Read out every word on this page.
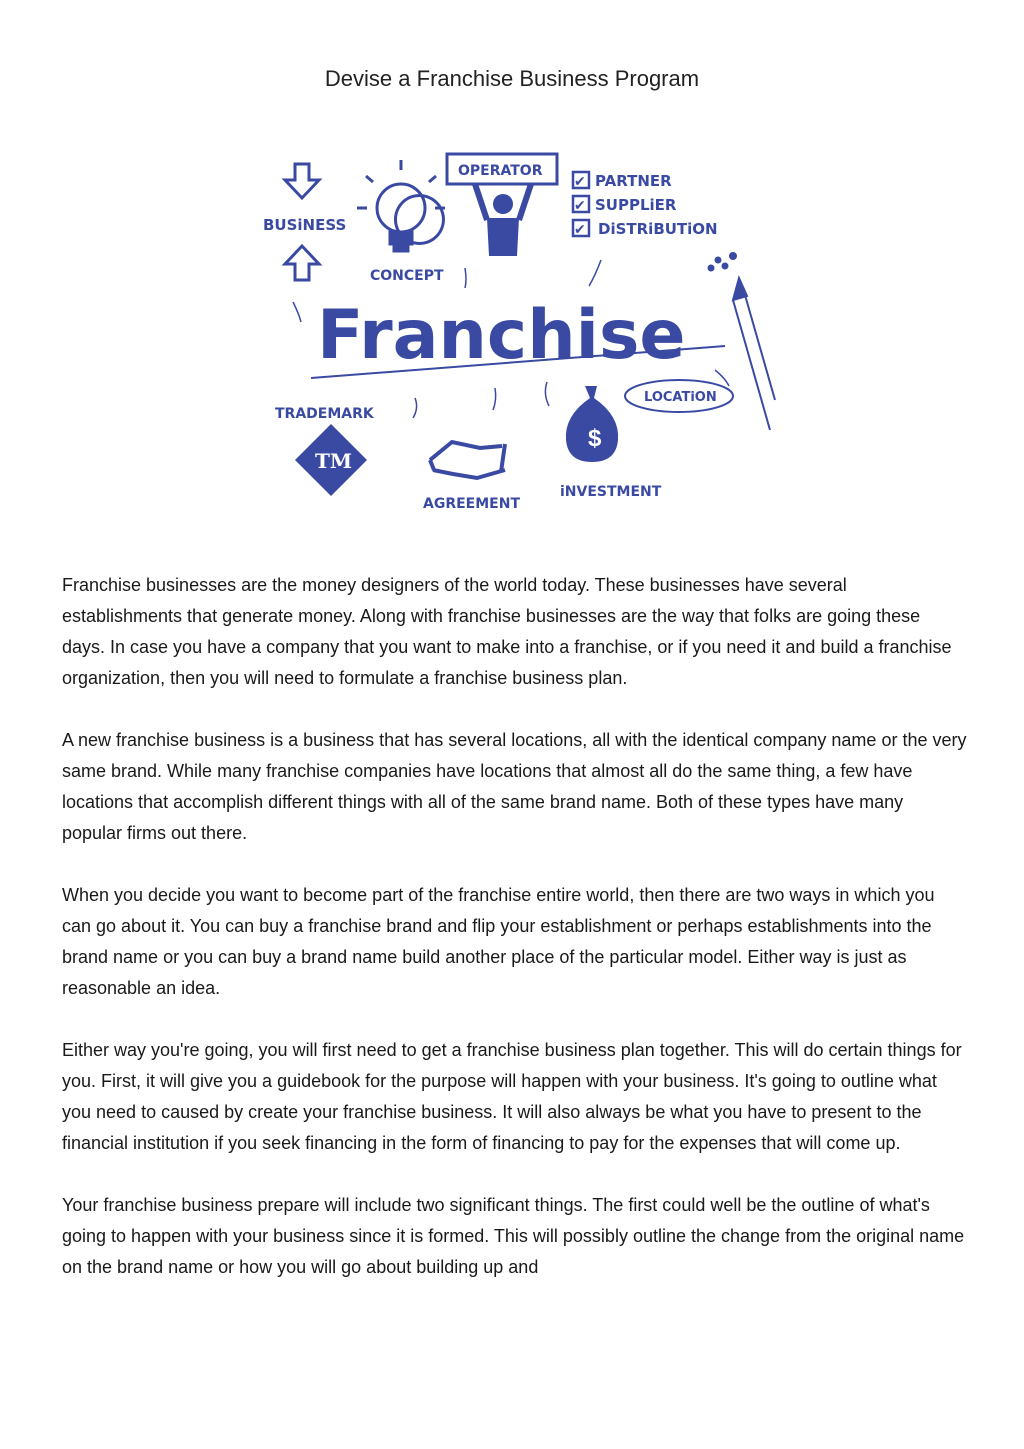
Devise a Franchise Business Program
BUSiNESS
CONCEPT
OPERATOR
✔ PARTNER
✔ SUPPLiER
✔ DiSTRiBUTiON
Franchise
TRADEMARK
TM
AGREEMENT
$
iNVESTMENT
LOCATiON

Franchise businesses are the money designers of the world today. These businesses have several establishments that generate money. Along with franchise businesses are the way that folks are going these days. In case you have a company that you want to make into a franchise, or if you need it and build a franchise organization, then you will need to formulate a franchise business plan.

A new franchise business is a business that has several locations, all with the identical company name or the very same brand. While many franchise companies have locations that almost all do the same thing, a few have locations that accomplish different things with all of the same brand name. Both of these types have many popular firms out there.

When you decide you want to become part of the franchise entire world, then there are two ways in which you can go about it. You can buy a franchise brand and flip your establishment or perhaps establishments into the brand name or you can buy a brand name build another place of the particular model. Either way is just as reasonable an idea.

Either way you're going, you will first need to get a franchise business plan together. This will do certain things for you. First, it will give you a guidebook for the purpose will happen with your business. It's going to outline what you need to caused by create your franchise business. It will also always be what you have to present to the financial institution if you seek financing in the form of financing to pay for the expenses that will come up.

Your franchise business prepare will include two significant things. The first could well be the outline of what's going to happen with your business since it is formed. This will possibly outline the change from the original name on the brand name or how you will go about building up and
